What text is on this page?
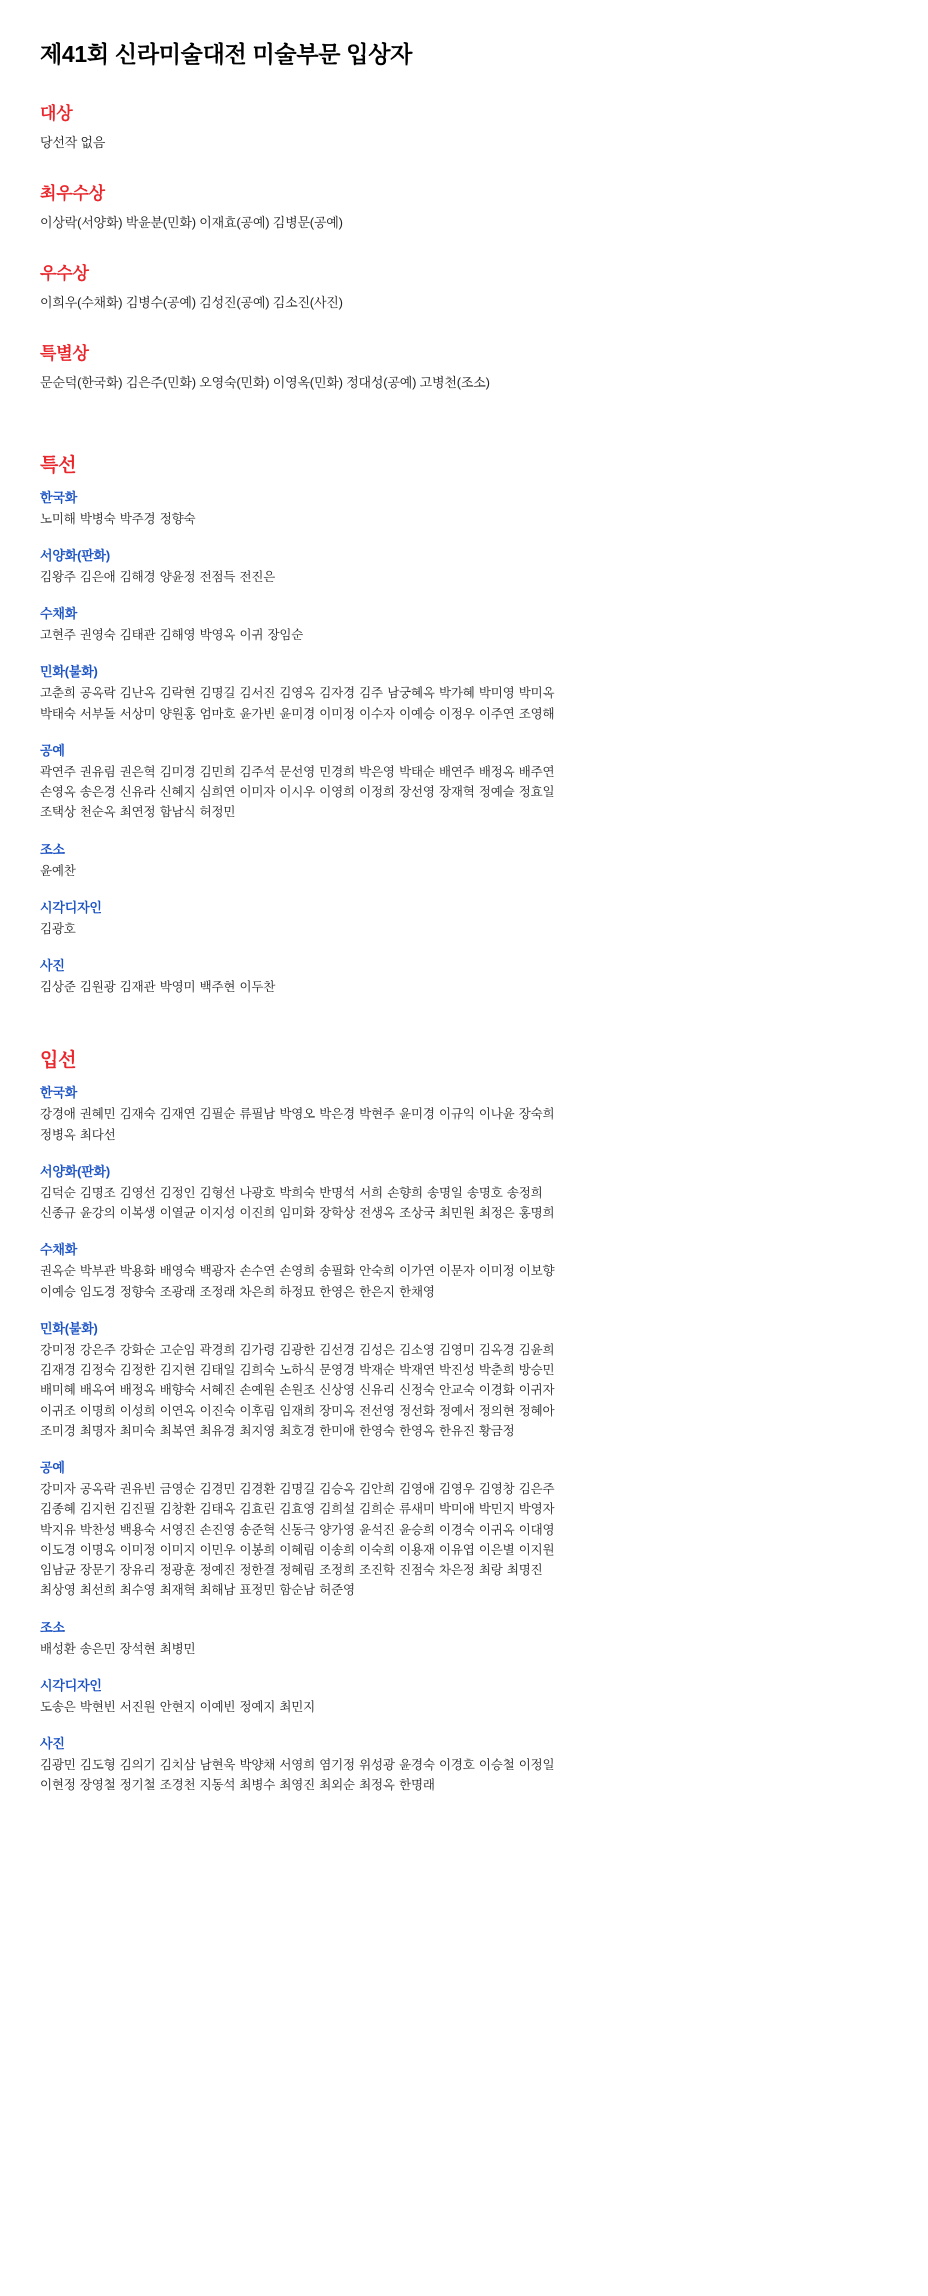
제41회 신라미술대전 미술부문 입상자
대상
당선작 없음
최우수상
이상락(서양화) 박윤분(민화) 이재효(공예) 김병문(공예)
우수상
이희우(수채화) 김병수(공예) 김성진(공예) 김소진(사진)
특별상
문순덕(한국화) 김은주(민화) 오영숙(민화) 이영옥(민화) 정대성(공예) 고병천(조소)
특선
한국화
노미해 박병숙 박주경 정향숙
서양화(판화)
김왕주 김은애 김해경 양윤정 전점득 전진은
수채화
고현주 권영숙 김태관 김해영 박영옥 이귀 장임순
민화(불화)
고춘희 공옥락 김난옥 김락현 김명길 김서진 김영옥 김자경 김주 남궁혜옥 박가혜 박미영 박미옥
박태숙 서부돌 서상미 양원홍 엄마호 윤가빈 윤미경 이미정 이수자 이예승 이정우 이주연 조영해
공예
곽연주 권유림 권은혁 김미경 김민희 김주석 문선영 민경희 박은영 박태순 배연주 배정옥 배주연
손영옥 송은경 신유라 신혜지 심희연 이미자 이시우 이영희 이정희 장선영 장재혁 정예슬 정효일
조택상 천순옥 최연정 함남식 허정민
조소
윤예찬
시각디자인
김광호
사진
김상준 김원광 김재관 박영미 백주현 이두찬
입선
한국화
강경애 권혜민 김재숙 김재연 김필순 류필남 박영오 박은경 박현주 윤미경 이규익 이나윤 장숙희
정병옥 최다선
서양화(판화)
김덕순 김명조 김영선 김정인 김형선 나광호 박희숙 반명석 서희 손향희 송명일 송명호 송정희
신종규 윤강의 이복생 이열균 이지성 이진희 임미화 장학상 전생옥 조상국 최민원 최정은 홍명희
수채화
권옥순 박부관 박용화 배영숙 백광자 손수연 손영희 송필화 안숙희 이가연 이문자 이미정 이보향
이예승 임도경 정향숙 조광래 조정래 차은희 하정묘 한영은 한은지 한채영
민화(불화)
강미정 강은주 강화순 고순임 곽경희 김가령 김광한 김선경 김성은 김소영 김영미 김옥경 김윤희
김재경 김정숙 김정한 김지현 김태일 김희숙 노하식 문영경 박재순 박재연 박진성 박춘희 방승민
배미혜 배옥여 배정옥 배향숙 서혜진 손예원 손원조 신상영 신유리 신정숙 안교숙 이경화 이귀자
이귀조 이명희 이성희 이연옥 이진숙 이후림 임재희 장미옥 전선영 정선화 정예서 정의현 정혜아
조미경 최명자 최미숙 최복연 최유경 최지영 최호경 한미애 한영숙 한영옥 한유진 황금정
공예
강미자 공옥락 권유빈 금영순 김경민 김경환 김명길 김승옥 김안희 김영애 김영우 김영창 김은주
김종혜 김지헌 김진필 김창환 김태옥 김효린 김효영 김희설 김희순 류새미 박미애 박민지 박영자
박지유 박찬성 백용숙 서영진 손진영 송준혁 신동극 양가영 윤석진 윤승희 이경숙 이귀옥 이대영
이도경 이명옥 이미정 이미지 이민우 이봉희 이혜림 이송희 이숙희 이용재 이유엽 이은별 이지원
임남균 장문기 장유리 정광훈 정예진 정한결 정혜림 조정희 조진학 진점숙 차은정 최랑 최명진
최상영 최선희 최수영 최재혁 최해남 표정민 함순남 허준영
조소
배성환 송은민 장석현 최병민
시각디자인
도송은 박현빈 서진원 안현지 이예빈 정예지 최민지
사진
김광민 김도형 김의기 김치삼 남현욱 박양채 서영희 염기정 위성광 윤경숙 이경호 이승철 이정일
이현정 장영철 정기철 조경천 지동석 최병수 최영진 최외순 최정옥 한명래
